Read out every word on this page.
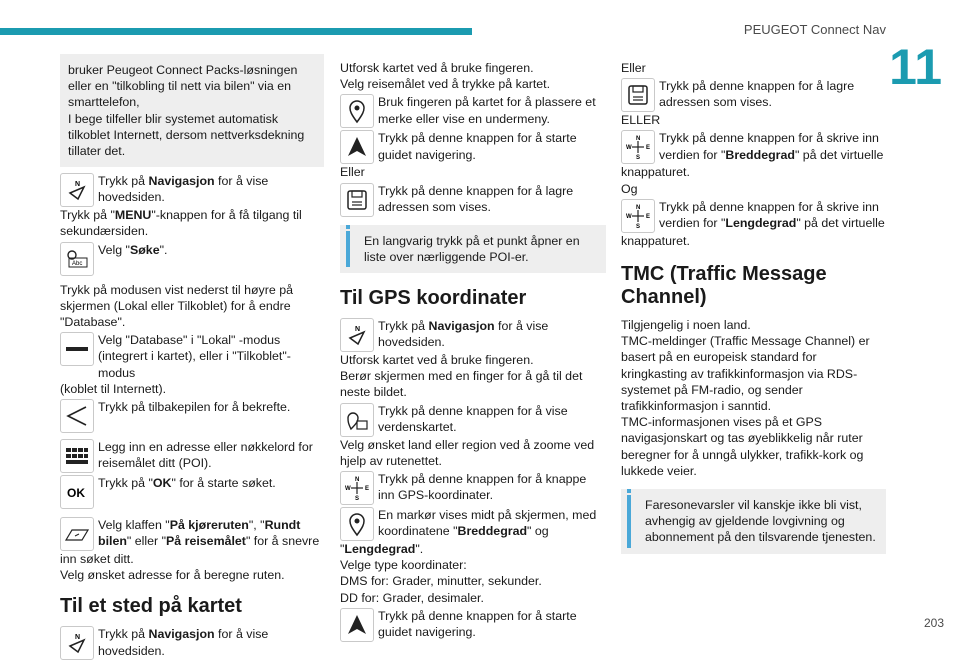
PEUGEOT Connect Nav
11
203
bruker Peugeot Connect Packs-løsningen eller en "tilkobling til nett via bilen" via en smarttelefon,
I bege tilfeller blir systemet automatisk tilkoblet Internett, dersom nettverksdekning tillater det.
N Trykk på Navigasjon for å vise hovedsiden.

Trykk på "MENU"-knappen for å få tilgang til sekundærsiden.

Abc
Velg "Søke".

Trykk på modusen vist nederst til høyre på skjermen (Lokal eller Tilkoblet) for å endre "Database".

Velg "Database" i "Lokal" -modus (integrert i kartet), eller i "Tilkoblet"-modus

(koblet til Internett).

Trykk på tilbakepilen for å bekrefte.
Legg inn en adresse eller nøkkelord for reisemålet ditt (POI).
OK
Trykk på "OK" for å starte søket.
Velg klaffen "På kjøreruten", "Rundt bilen" eller "På reisemålet" for å snevre

inn søket ditt.

Velg ønsket adresse for å beregne ruten.

Til et sted på kartet
N Trykk på Navigasjon for å vise hovedsiden.

Utforsk kartet ved å bruke fingeren.

Velg reisemålet ved å trykke på kartet.

Bruk fingeren på kartet for å plassere et merke eller vise en undermeny.
Trykk på denne knappen for å starte guidet navigering.

Eller

Trykk på denne knappen for å lagre adressen som vises.
En langvarig trykk på et punkt åpner en liste over nærliggende POI-er.
Til GPS koordinater
N Trykk på Navigasjon for å vise hovedsiden.

Utforsk kartet ved å bruke fingeren.

Berør skjermen med en finger for å gå til det neste bildet.

Trykk på denne knappen for å vise verdenskartet.

Velg ønsket land eller region ved å zoome ved hjelp av rutenettet.

N
W E
S
Trykk på denne knappen for å knappe inn GPS-koordinater.
En markør vises midt på skjermen, med koordinatene "Breddegrad" og

"Lengdegrad".

Velge type koordinater:

DMS for: Grader, minutter, sekunder.

DD for: Grader, desimaler.

Trykk på denne knappen for å starte guidet navigering.

Eller

Trykk på denne knappen for å lagre adressen som vises.

ELLER

N
W E
S
Trykk på denne knappen for å skrive inn verdien for "Breddegrad" på det virtuelle

knappaturet.

Og

N
W E
S
Trykk på denne knappen for å skrive inn verdien for "Lengdegrad" på det virtuelle

knappaturet.

TMC (Traffic Message Channel)

Tilgjengelig i noen land.
TMC-meldinger (Traffic Message Channel) er basert på en europeisk standard for kringkasting av trafikkinformasjon via RDS-systemet på FM-radio, og sender trafikkinformasjon i sanntid.
TMC-informasjonen vises på et GPS navigasjonskart og tas øyeblikkelig når ruter beregner for å unngå ulykker, trafikk-kork og lukkede veier.

Faresonevarsler vil kanskje ikke bli vist, avhengig av gjeldende lovgivning og abonnement på den tilsvarende tjenesten.
